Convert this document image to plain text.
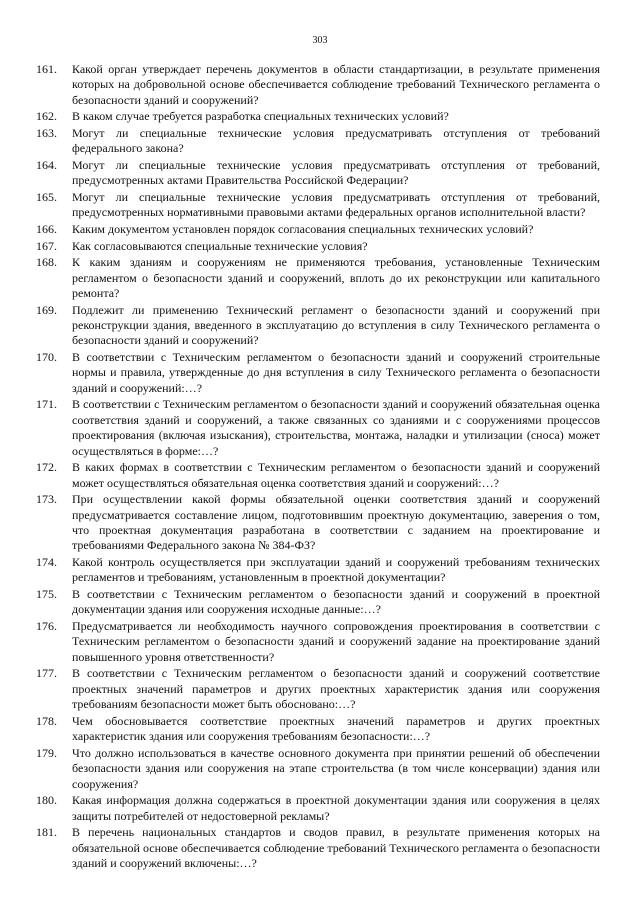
303
161.	Какой орган утверждает перечень документов в области стандартизации, в результате применения которых на добровольной основе обеспечивается соблюдение требований Технического регламента о безопасности зданий и сооружений?
162.	В каком случае требуется разработка специальных технических условий?
163.	Могут ли специальные технические условия предусматривать отступления от требований федерального закона?
164.	Могут ли специальные технические условия предусматривать отступления от требований, предусмотренных актами Правительства Российской Федерации?
165.	Могут ли специальные технические условия предусматривать отступления от требований, предусмотренных нормативными правовыми актами федеральных органов исполнительной власти?
166.	Каким документом установлен порядок согласования специальных технических условий?
167.	Как согласовываются специальные технические условия?
168.	К каким зданиям и сооружениям не применяются требования, установленные Техническим регламентом о безопасности зданий и сооружений, вплоть до их реконструкции или капитального ремонта?
169.	Подлежит ли применению Технический регламент о безопасности зданий и сооружений при реконструкции здания, введенного в эксплуатацию до вступления в силу Технического регламента о безопасности зданий и сооружений?
170.	В соответствии с Техническим регламентом о безопасности зданий и сооружений строительные нормы и правила, утвержденные до дня вступления в силу Технического регламента о безопасности зданий и сооружений:…?
171.	В соответствии с Техническим регламентом о безопасности зданий и сооружений обязательная оценка соответствия зданий и сооружений, а также связанных со зданиями и с сооружениями процессов проектирования (включая изыскания), строительства, монтажа, наладки и утилизации (сноса) может осуществляться в форме:…?
172.	В каких формах в соответствии с Техническим регламентом о безопасности зданий и сооружений может осуществляться обязательная оценка соответствия зданий и сооружений:…?
173.	При осуществлении какой формы обязательной оценки соответствия зданий и сооружений предусматривается составление лицом, подготовившим проектную документацию, заверения о том, что проектная документация разработана в соответствии с заданием на проектирование и требованиями Федерального закона № 384-ФЗ?
174.	Какой контроль осуществляется при эксплуатации зданий и сооружений требованиям технических регламентов и требованиям, установленным в проектной документации?
175.	В соответствии с Техническим регламентом о безопасности зданий и сооружений в проектной документации здания или сооружения исходные данные:…?
176.	Предусматривается ли необходимость научного сопровождения проектирования в соответствии с Техническим регламентом о безопасности зданий и сооружений задание на проектирование зданий повышенного уровня ответственности?
177.	В соответствии с Техническим регламентом о безопасности зданий и сооружений соответствие проектных значений параметров и других проектных характеристик здания или сооружения требованиям безопасности может быть обосновано:…?
178.	Чем обосновывается соответствие проектных значений параметров и других проектных характеристик здания или сооружения требованиям безопасности:…?
179.	Что должно использоваться в качестве основного документа при принятии решений об обеспечении безопасности здания или сооружения на этапе строительства (в том числе консервации) здания или сооружения?
180.	Какая информация должна содержаться в проектной документации здания или сооружения в целях защиты потребителей от недостоверной рекламы?
181.	В перечень национальных стандартов и сводов правил, в результате применения которых на обязательной основе обеспечивается соблюдение требований Технического регламента о безопасности зданий и сооружений включены:…?
